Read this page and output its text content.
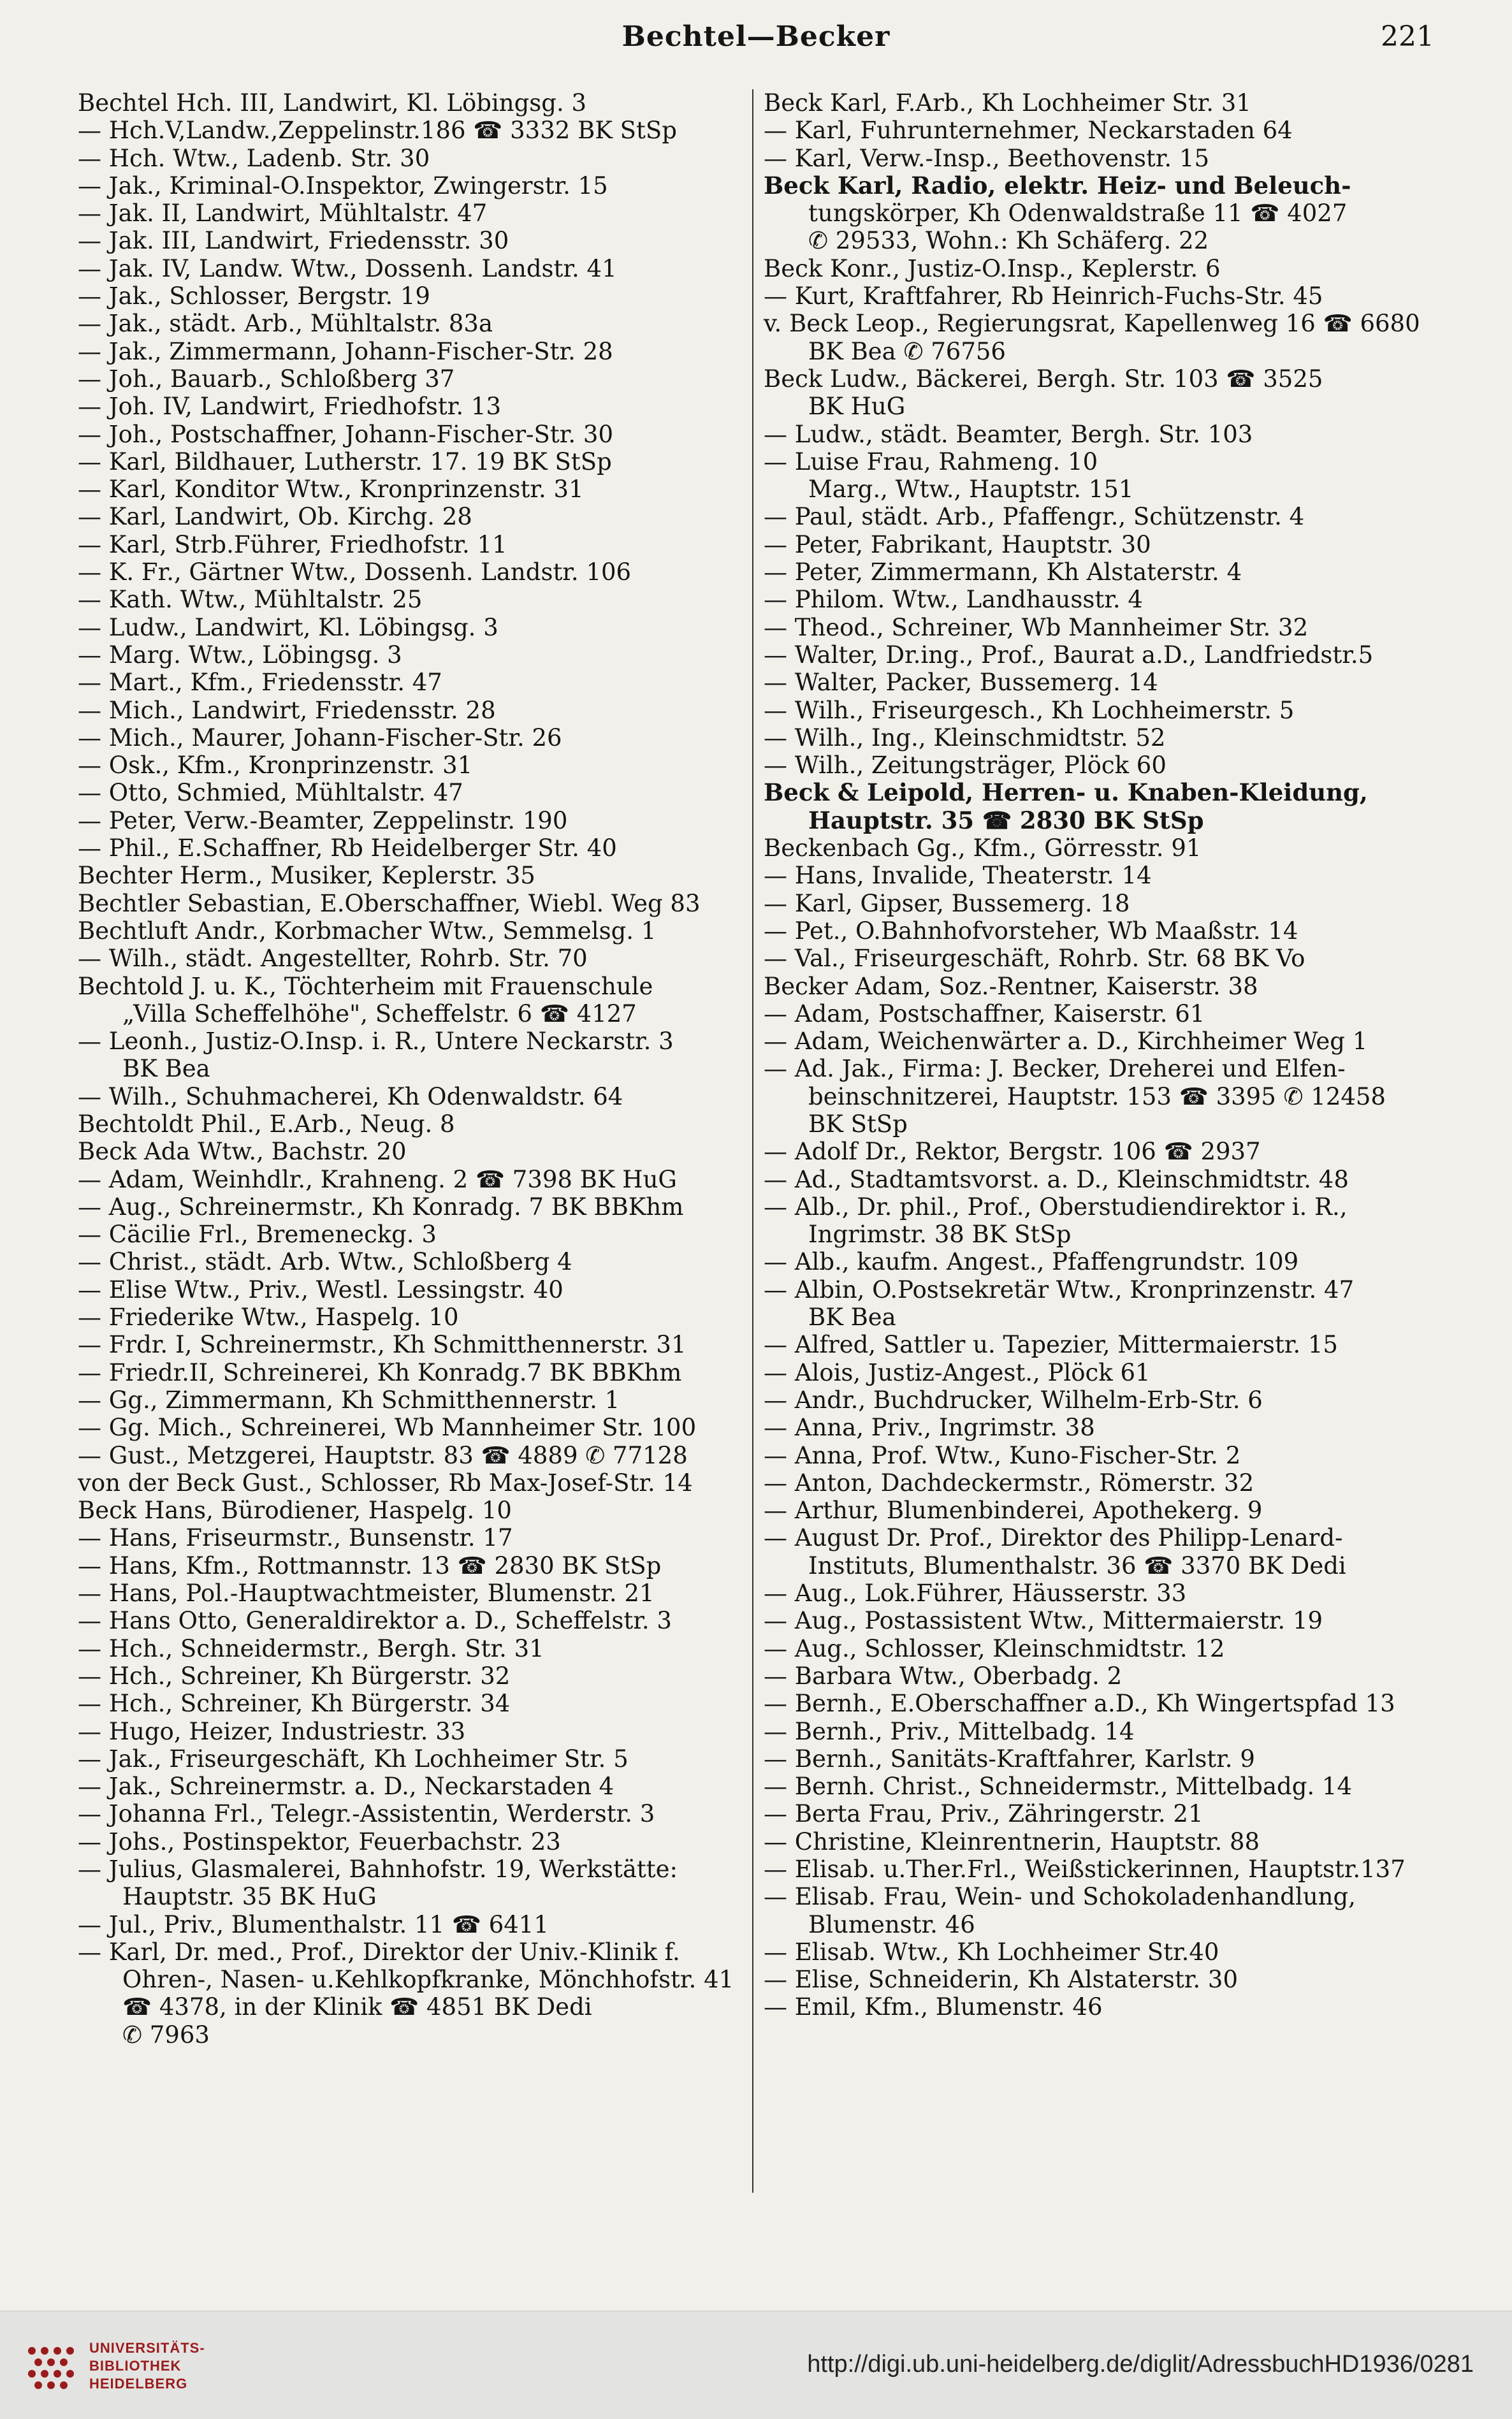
Bechtel—Becker	221
Bechtel Hch. III, Landwirt, Kl. Löbingsg. 3
— Hch.V,Landw.,Zeppelinstr.186 ☎ 3332 BK StSp
— Hch. Wtw., Ladenb. Str. 30
— Jak., Kriminal-O.Inspektor, Zwingerstr. 15
— Jak. II, Landwirt, Mühltalstr. 47
— Jak. III, Landwirt, Friedensstr. 30
— Jak. IV, Landw. Wtw., Dossenh. Landstr. 41
— Jak., Schlosser, Bergstr. 19
— Jak., städt. Arb., Mühltalstr. 83a
— Jak., Zimmermann, Johann-Fischer-Str. 28
— Joh., Bauarb., Schloßberg 37
— Joh. IV, Landwirt, Friedhofstr. 13
— Joh., Postschaffner, Johann-Fischer-Str. 30
— Karl, Bildhauer, Lutherstr. 17. 19 BK StSp
— Karl, Konditor Wtw., Kronprinzenstr. 31
— Karl, Landwirt, Ob. Kirchg. 28
— Karl, Strb.Führer, Friedhofstr. 11
— K. Fr., Gärtner Wtw., Dossenh. Landstr. 106
— Kath. Wtw., Mühltalstr. 25
— Ludw., Landwirt, Kl. Löbingsg. 3
— Marg. Wtw., Löbingsg. 3
— Mart., Kfm., Friedensstr. 47
— Mich., Landwirt, Friedensstr. 28
— Mich., Maurer, Johann-Fischer-Str. 26
— Osk., Kfm., Kronprinzenstr. 31
— Otto, Schmied, Mühltalstr. 47
— Peter, Verw.-Beamter, Zeppelinstr. 190
— Phil., E.Schaffner, Rb Heidelberger Str. 40
Bechter Herm., Musiker, Keplerstr. 35
Bechtler Sebastian, E.Oberschaffner, Wiebl. Weg 83
Bechtluft Andr., Korbmacher Wtw., Semmelsg. 1
— Wilh., städt. Angestellter, Rohrb. Str. 70
Bechtold J. u. K., Töchterheim mit Frauenschule
„Villa Scheffelhöhe", Scheffelstr. 6 ☎ 4127
— Leonh., Justiz-O.Insp. i. R., Untere Neckarstr. 3
BK Bea
— Wilh., Schuhmacherei, Kh Odenwaldstr. 64
Bechtoldt Phil., E.Arb., Neug. 8
Beck Ada Wtw., Bachstr. 20
— Adam, Weinhdlr., Krahneng. 2 ☎ 7398 BK HuG
— Aug., Schreinermstr., Kh Konradg. 7 BK BBKhm
— Cäcilie Frl., Bremeneckg. 3
— Christ., städt. Arb. Wtw., Schloßberg 4
— Elise Wtw., Priv., Westl. Lessingstr. 40
— Friederike Wtw., Haspelg. 10
— Frdr. I, Schreinermstr., Kh Schmitthennerstr. 31
— Friedr.II, Schreinerei, Kh Konradg.7 BK BBKhm
— Gg., Zimmermann, Kh Schmitthennerstr. 1
— Gg. Mich., Schreinerei, Wb Mannheimer Str. 100
— Gust., Metzgerei, Hauptstr. 83 ☎ 4889 ✆ 77128
von der Beck Gust., Schlosser, Rb Max-Josef-Str. 14
Beck Hans, Bürodiener, Haspelg. 10
— Hans, Friseurmstr., Bunsenstr. 17
— Hans, Kfm., Rottmannstr. 13 ☎ 2830 BK StSp
— Hans, Pol.-Hauptwachtmeister, Blumenstr. 21
— Hans Otto, Generaldirektor a. D., Scheffelstr. 3
— Hch., Schneidermstr., Bergh. Str. 31
— Hch., Schreiner, Kh Bürgerstr. 32
— Hch., Schreiner, Kh Bürgerstr. 34
— Hugo, Heizer, Industriestr. 33
— Jak., Friseurgeschäft, Kh Lochheimer Str. 5
— Jak., Schreinermstr. a. D., Neckarstaden 4
— Johanna Frl., Telegr.-Assistentin, Werderstr. 3
— Johs., Postinspektor, Feuerbachstr. 23
— Julius, Glasmalerei, Bahnhofstr. 19, Werkstätte:
Hauptstr. 35 BK HuG
— Jul., Priv., Blumenthalstr. 11 ☎ 6411
— Karl, Dr. med., Prof., Direktor der Univ.-Klinik f.
Ohren-, Nasen- u.Kehlkopfkranke, Mönchhofstr. 41
☎ 4378, in der Klinik ☎ 4851 BK Dedi
✆ 7963
Beck Karl, F.Arb., Kh Lochheimer Str. 31
— Karl, Fuhrunternehmer, Neckarstaden 64
— Karl, Verw.-Insp., Beethovenstr. 15
Beck Karl, Radio, elektr. Heiz- und Beleuch-
tungskörper, Kh Odenwaldstraße 11 ☎ 4027
✆ 29533, Wohn.: Kh Schäferg. 22
Beck Konr., Justiz-O.Insp., Keplerstr. 6
— Kurt, Kraftfahrer, Rb Heinrich-Fuchs-Str. 45
v. Beck Leop., Regierungsrat, Kapellenweg 16 ☎ 6680
BK Bea ✆ 76756
Beck Ludw., Bäckerei, Bergh. Str. 103 ☎ 3525
BK HuG
— Ludw., städt. Beamter, Bergh. Str. 103
— Luise Frau, Rahmeng. 10
Marg., Wtw., Hauptstr. 151
— Paul, städt. Arb., Pfaffengr., Schützenstr. 4
— Peter, Fabrikant, Hauptstr. 30
— Peter, Zimmermann, Kh Alstaterstr. 4
— Philom. Wtw., Landhausstr. 4
— Theod., Schreiner, Wb Mannheimer Str. 32
— Walter, Dr.ing., Prof., Baurat a.D., Landfriedstr.5
— Walter, Packer, Bussemerg. 14
— Wilh., Friseurgesch., Kh Lochheimerstr. 5
— Wilh., Ing., Kleinschmidtstr. 52
— Wilh., Zeitungsträger, Plöck 60
Beck & Leipold, Herren- u. Knaben-Kleidung,
Hauptstr. 35 ☎ 2830 BK StSp
Beckenbach Gg., Kfm., Görresstr. 91
— Hans, Invalide, Theaterstr. 14
— Karl, Gipser, Bussemerg. 18
— Pet., O.Bahnhofvorsteher, Wb Maaßstr. 14
— Val., Friseurgeschäft, Rohrb. Str. 68 BK Vo
Becker Adam, Soz.-Rentner, Kaiserstr. 38
— Adam, Postschaffner, Kaiserstr. 61
— Adam, Weichenwärter a. D., Kirchheimer Weg 1
— Ad. Jak., Firma: J. Becker, Dreherei und Elfen-
beinschnitzerei, Hauptstr. 153 ☎ 3395 ✆ 12458
BK StSp
— Adolf Dr., Rektor, Bergstr. 106 ☎ 2937
— Ad., Stadtamtsvorst. a. D., Kleinschmidtstr. 48
— Alb., Dr. phil., Prof., Oberstudiendirektor i. R.,
Ingrimstr. 38 BK StSp
— Alb., kaufm. Angest., Pfaffengrundstr. 109
— Albin, O.Postsekretär Wtw., Kronprinzenstr. 47
BK Bea
— Alfred, Sattler u. Tapezier, Mittermaierstr. 15
— Alois, Justiz-Angest., Plöck 61
— Andr., Buchdrucker, Wilhelm-Erb-Str. 6
— Anna, Priv., Ingrimstr. 38
— Anna, Prof. Wtw., Kuno-Fischer-Str. 2
— Anton, Dachdeckermstr., Römerstr. 32
— Arthur, Blumenbinderei, Apothekerg. 9
— August Dr. Prof., Direktor des Philipp-Lenard-
Instituts, Blumenthalstr. 36 ☎ 3370 BK Dedi
— Aug., Lok.Führer, Häusserstr. 33
— Aug., Postassistent Wtw., Mittermaierstr. 19
— Aug., Schlosser, Kleinschmidtstr. 12
— Barbara Wtw., Oberbadg. 2
— Bernh., E.Oberschaffner a.D., Kh Wingertspfad 13
— Bernh., Priv., Mittelbadg. 14
— Bernh., Sanitäts-Kraftfahrer, Karlstr. 9
— Bernh. Christ., Schneidermstr., Mittelbadg. 14
— Berta Frau, Priv., Zähringerstr. 21
— Christine, Kleinrentnerin, Hauptstr. 88
— Elisab. u.Ther.Frl., Weißstickerinnen, Hauptstr.137
— Elisab. Frau, Wein- und Schokoladenhandlung,
Blumenstr. 46
— Elisab. Wtw., Kh Lochheimer Str.40
— Elise, Schneiderin, Kh Alstaterstr. 30
— Emil, Kfm., Blumenstr. 46
UNIVERSITÄTS-
BIBLIOTHEK
HEIDELBERG
http://digi.ub.uni-heidelberg.de/diglit/AdressbuchHD1936/0281
